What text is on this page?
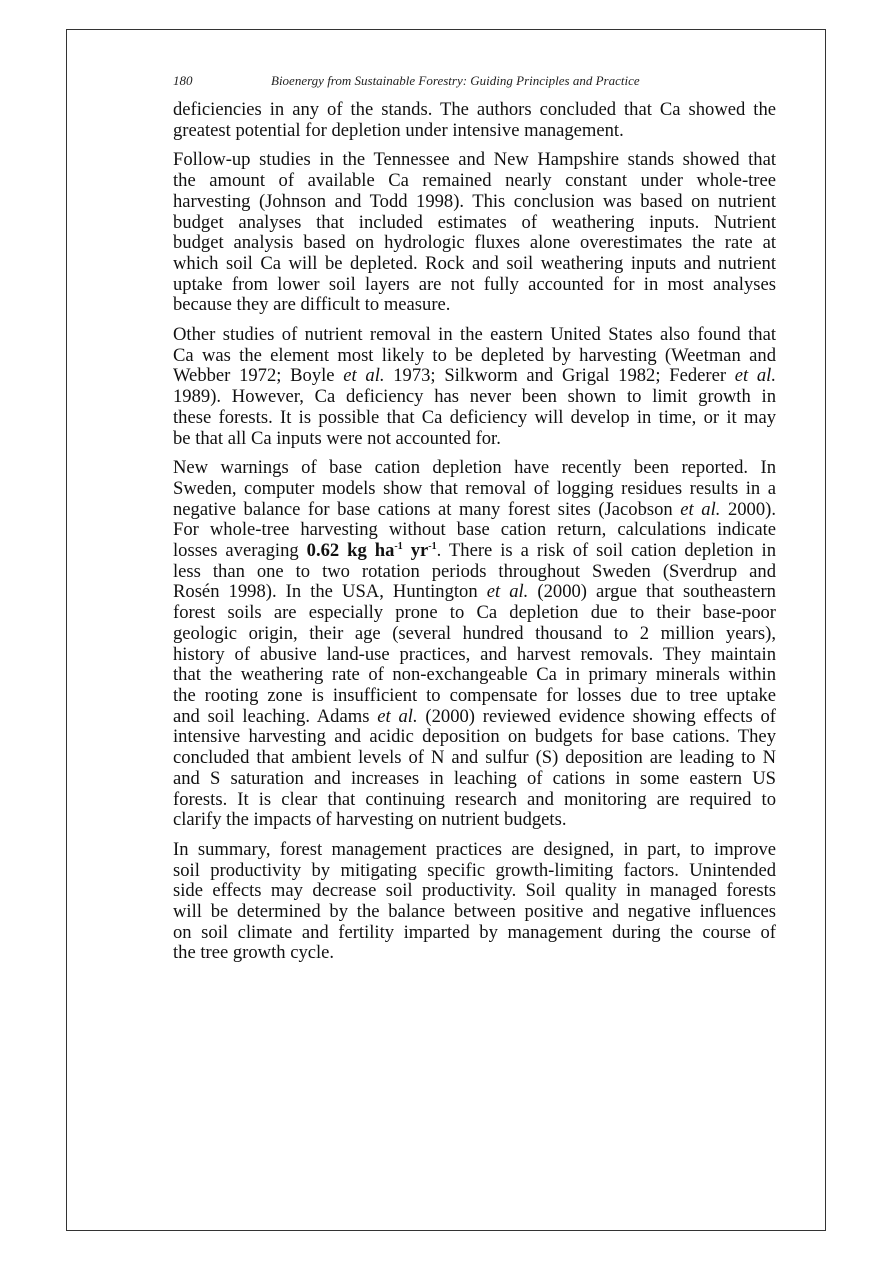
180	Bioenergy from Sustainable Forestry: Guiding Principles and Practice

deficiencies in any of the stands. The authors concluded that Ca showed the
greatest potential for depletion under intensive management.

Follow-up studies in the Tennessee and New Hampshire stands showed that
the amount of available Ca remained nearly constant under whole-tree
harvesting (Johnson and Todd 1998). This conclusion was based on nutrient
budget analyses that included estimates of weathering inputs. Nutrient
budget analysis based on hydrologic fluxes alone overestimates the rate at
which soil Ca will be depleted. Rock and soil weathering inputs and nutrient
uptake from lower soil layers are not fully accounted for in most analyses
because they are difficult to measure.

Other studies of nutrient removal in the eastern United States also found that
Ca was the element most likely to be depleted by harvesting (Weetman and
Webber 1972; Boyle et al. 1973; Silkworm and Grigal 1982; Federer et al.
1989). However, Ca deficiency has never been shown to limit growth in
these forests. It is possible that Ca deficiency will develop in time, or it may
be that all Ca inputs were not accounted for.

New warnings of base cation depletion have recently been reported. In
Sweden, computer models show that removal of logging residues results in a
negative balance for base cations at many forest sites (Jacobson et al. 2000).
For whole-tree harvesting without base cation return, calculations indicate
losses averaging 0.62 kg $ha^{-1}$ $yr^{-1}$. There is a risk of soil cation depletion in
less than one to two rotation periods throughout Sweden (Sverdrup and
Rosén 1998). In the USA, Huntington et al. (2000) argue that southeastern
forest soils are especially prone to Ca depletion due to their base-poor
geologic origin, their age (several hundred thousand to 2 million years),
history of abusive land-use practices, and harvest removals. They maintain
that the weathering rate of non-exchangeable Ca in primary minerals within
the rooting zone is insufficient to compensate for losses due to tree uptake
and soil leaching. Adams et al. (2000) reviewed evidence showing effects of
intensive harvesting and acidic deposition on budgets for base cations. They
concluded that ambient levels of N and sulfur (S) deposition are leading to N
and S saturation and increases in leaching of cations in some eastern US
forests. It is clear that continuing research and monitoring are required to
clarify the impacts of harvesting on nutrient budgets.

In summary, forest management practices are designed, in part, to improve
soil productivity by mitigating specific growth-limiting factors. Unintended
side effects may decrease soil productivity. Soil quality in managed forests
will be determined by the balance between positive and negative influences
on soil climate and fertility imparted by management during the course of
the tree growth cycle.
